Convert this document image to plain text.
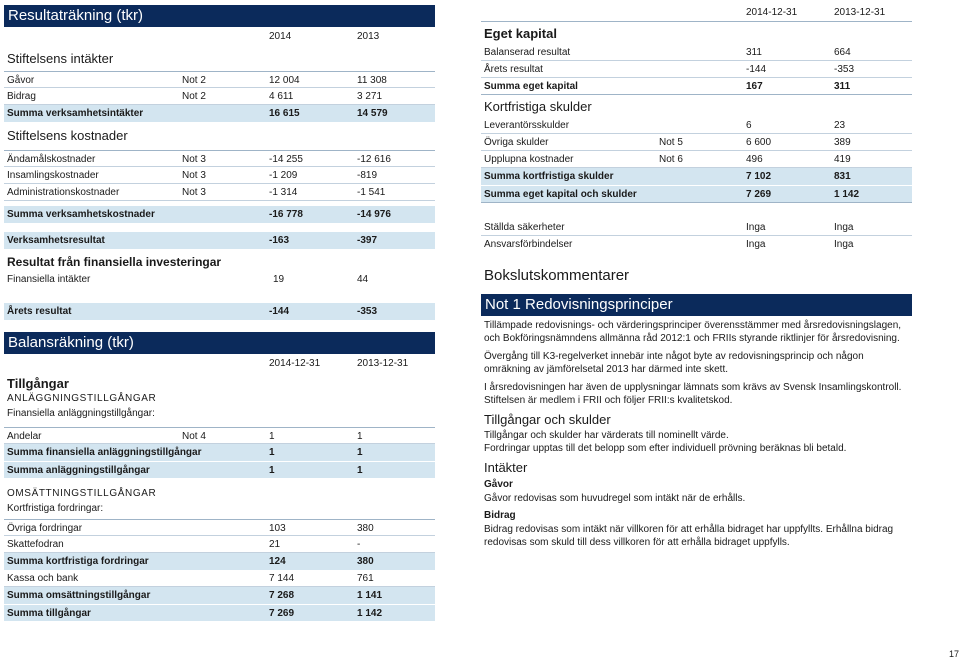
Resultaträkning (tkr)
2014	2013
Stiftelsens intäkter
Gåvor	Not 2	12 004	11 308
Bidrag	Not 2	4 611	3 271
Summa verksamhetsintäkter	16 615	14 579
Stiftelsens kostnader
Ändamålskostnader	Not 3	-14 255	-12 616
Insamlingskostnader	Not 3	-1 209	-819
Administrationskostnader	Not 3	-1 314	-1 541
Summa verksamhetskostnader	-16 778	-14 976
Verksamhetsresultat	-163	-397
Resultat från finansiella investeringar
Finansiella intäkter	19	44
Årets resultat	-144	-353
Balansräkning (tkr)
2014-12-31	2013-12-31
Tillgångar
ANLÄGGNINGSTILLGÅNGAR
Finansiella anläggningstillgångar:
Andelar	Not 4	1	1
Summa finansiella anläggningstillgångar	1	1
Summa anläggningstillgångar	1	1
OMSÄTTNINGSTILLGÅNGAR
Kortfristiga fordringar:
Övriga fordringar	103	380
Skattefodran	21	-
Summa kortfristiga fordringar	124	380
Kassa och bank	7 144	761
Summa omsättningstillgångar	7 268	1 141
Summa tillgångar	7 269	1 142
2014-12-31	2013-12-31
Eget kapital
Balanserad resultat	311	664
Årets resultat	-144	-353
Summa eget kapital	167	311
Kortfristiga skulder
Leverantörsskulder	6	23
Övriga skulder	Not 5	6 600	389
Upplupna kostnader	Not 6	496	419
Summa kortfristiga skulder	7 102	831
Summa eget kapital och skulder	7 269	1 142
Ställda säkerheter	Inga	Inga
Ansvarsförbindelser	Inga	Inga
Bokslutskommentarer
Not 1 Redovisningsprinciper

Tillämpade redovisnings- och värderingsprinciper överensstämmer med årsredovisningslagen, och Bokföringsnämndens allmänna råd 2012:1 och FRIIs styrande riktlinjer för årsredovisning.

Övergång till K3-regelverket innebär inte något byte av redovisningsprincip och någon omräkning av jämförelsetal 2013 har därmed inte skett.

I årsredovisningen har även de upplysningar lämnats som krävs av Svensk Insamlingskontroll. Stiftelsen är medlem i FRII och följer FRII:s kvalitetskod.

Tillgångar och skulder

Tillgångar och skulder har värderats till nominellt värde.

Fordringar upptas till det belopp som efter individuell prövning beräknas bli betald.

Intäkter
Gåvor

Gåvor redovisas som huvudregel som intäkt när de erhålls.

Bidrag

Bidrag redovisas som intäkt när villkoren för att erhålla bidraget har uppfyllts. Erhållna bidrag redovisas som skuld till dess villkoren för att erhålla bidraget uppfylls.

17
